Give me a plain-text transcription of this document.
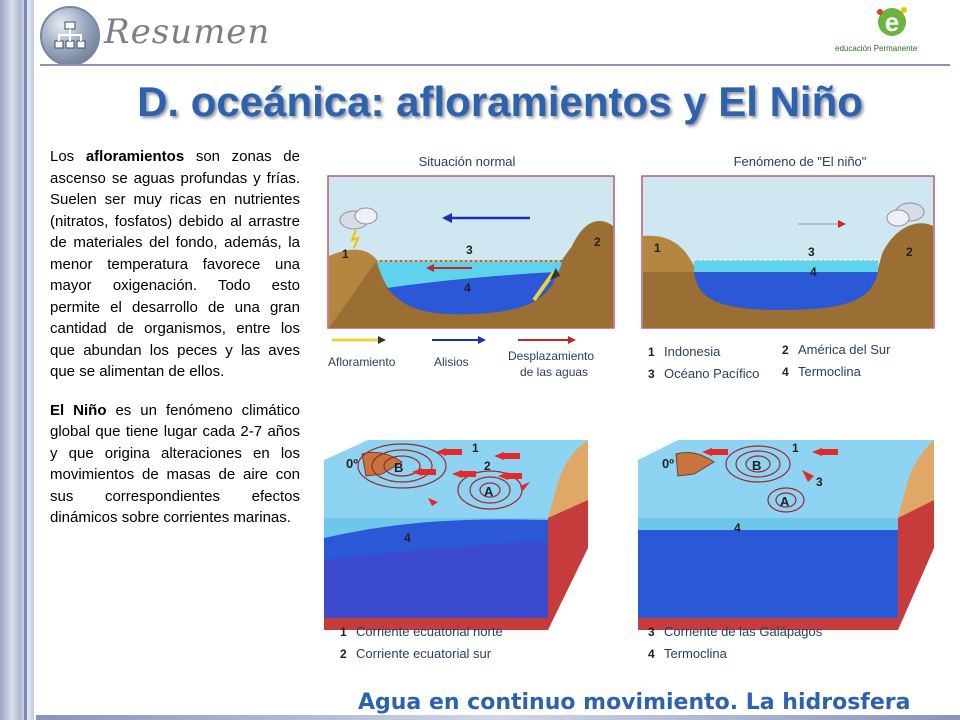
Resumen	e
educación Permanente
D. oceánica: afloramientos y El Niño

Los afloramientos son zonas de ascenso se aguas profundas y frías. Suelen ser muy ricas en nutrientes (nitratos, fosfatos) debido al arrastre de materiales del fondo, además, la menor temperatura favorece una mayor oxigenación. Todo esto permite el desarrollo de una gran cantidad de organismos, entre los que abundan los peces y las aves que se alimentan de ellos.

El Niño es un fenómeno climático global que tiene lugar cada 2-7 años y que origina alteraciones en los movimientos de masas de aire con sus correspondientes efectos dinámicos sobre corrientes marinas.

Situación normal	Fenómeno de "El niño"
1
2
3
4
1	2
3
4
Afloramiento	Alisios	Desplazamiento
de las aguas
1 Indonesia	2 América del Sur
3 Océano Pacífico 4 Termoclina
0º	B
A
1
2
4
0º	B
A
1
3
4
1 Corriente ecuatorial norte
2 Corriente ecuatorial sur
3 Corriente de las Galápagos
4 Termoclina
Agua en continuo movimiento. La hidrosfera
